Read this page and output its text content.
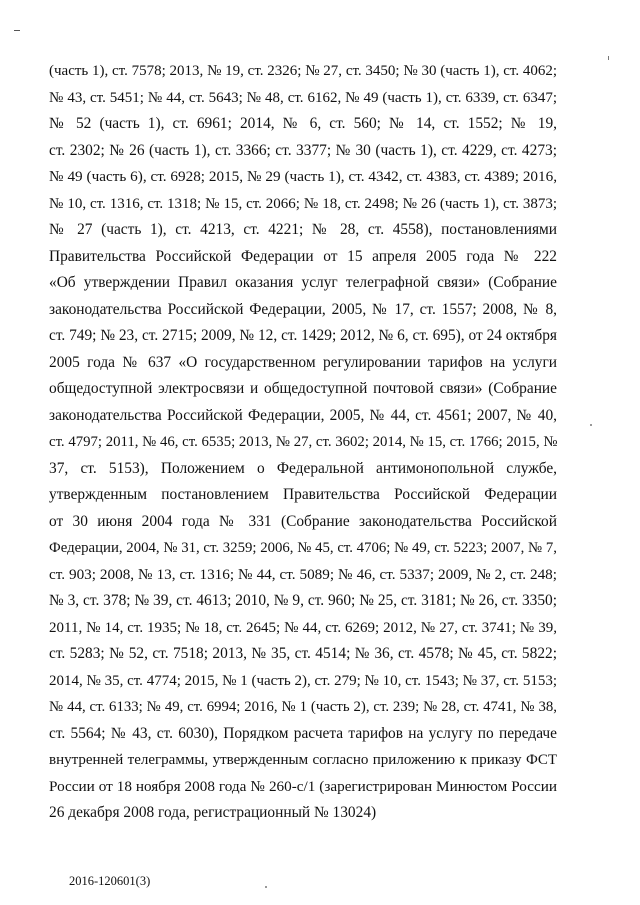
(часть 1), ст. 7578; 2013, № 19, ст. 2326; № 27, ст. 3450; № 30 (часть 1), ст. 4062;
№ 43, ст. 5451; № 44, ст. 5643; № 48, ст. 6162, № 49 (часть 1), ст. 6339, ст. 6347;
№ 52 (часть 1), ст. 6961; 2014, № 6, ст. 560; № 14, ст. 1552; № 19,
ст. 2302; № 26 (часть 1), ст. 3366; ст. 3377; № 30 (часть 1), ст. 4229, ст. 4273;
№ 49 (часть 6), ст. 6928; 2015, № 29 (часть 1), ст. 4342, ст. 4383, ст. 4389; 2016,
№ 10, ст. 1316, ст. 1318; № 15, ст. 2066; № 18, ст. 2498; № 26 (часть 1), ст. 3873;
№ 27 (часть 1), ст. 4213, ст. 4221; № 28, ст. 4558), постановлениями
Правительства Российской Федерации от 15 апреля 2005 года № 222
«Об утверждении Правил оказания услуг телеграфной связи» (Собрание
законодательства Российской Федерации, 2005, № 17, ст. 1557; 2008, № 8,
ст. 749; № 23, ст. 2715; 2009, № 12, ст. 1429; 2012, № 6, ст. 695), от 24 октября
2005 года № 637 «О государственном регулировании тарифов на услуги
общедоступной электросвязи и общедоступной почтовой связи» (Собрание
законодательства Российской Федерации, 2005, № 44, ст. 4561; 2007, № 40,
ст. 4797; 2011, № 46, ст. 6535; 2013, № 27, ст. 3602; 2014, № 15, ст. 1766; 2015, №
37, ст. 5153), Положением о Федеральной антимонопольной службе,
утвержденным постановлением Правительства Российской Федерации
от 30 июня 2004 года № 331 (Собрание законодательства Российской
Федерации, 2004, № 31, ст. 3259; 2006, № 45, ст. 4706; № 49, ст. 5223; 2007, № 7,
ст. 903; 2008, № 13, ст. 1316; № 44, ст. 5089; № 46, ст. 5337; 2009, № 2, ст. 248;
№ 3, ст. 378; № 39, ст. 4613; 2010, № 9, ст. 960; № 25, ст. 3181; № 26, ст. 3350;
2011, № 14, ст. 1935; № 18, ст. 2645; № 44, ст. 6269; 2012, № 27, ст. 3741; № 39,
ст. 5283; № 52, ст. 7518; 2013, № 35, ст. 4514; № 36, ст. 4578; № 45, ст. 5822;
2014, № 35, ст. 4774; 2015, № 1 (часть 2), ст. 279; № 10, ст. 1543; № 37, ст. 5153;
№ 44, ст. 6133; № 49, ст. 6994; 2016, № 1 (часть 2), ст. 239; № 28, ст. 4741, № 38,
ст. 5564; № 43, ст. 6030), Порядком расчета тарифов на услугу по передаче
внутренней телеграммы, утвержденным согласно приложению к приказу ФСТ
России от 18 ноября 2008 года № 260-с/1 (зарегистрирован Минюстом России
26 декабря 2008 года, регистрационный № 13024)
2016-120601(3)
